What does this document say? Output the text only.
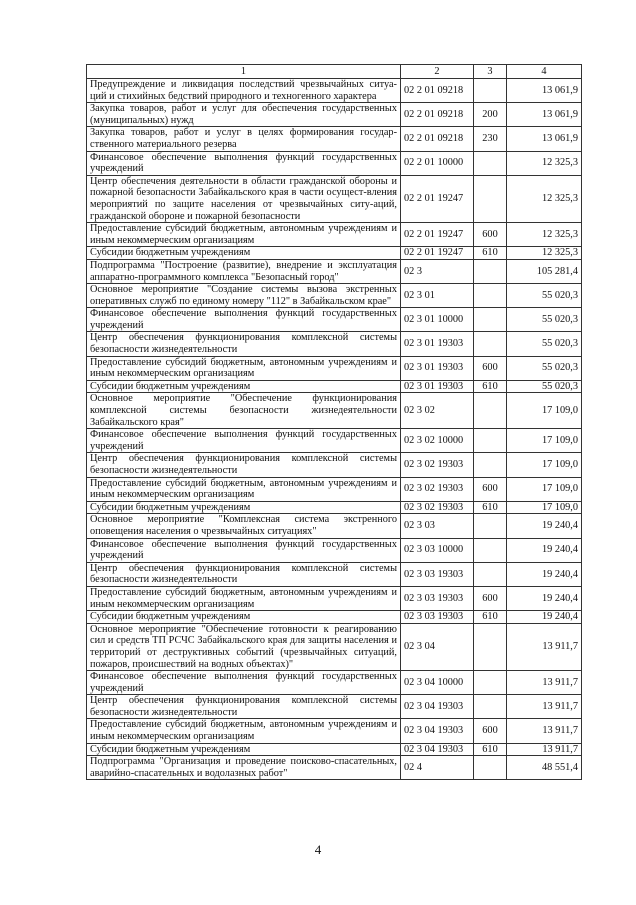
1	2	3	4
Предупреждение и ликвидация последствий чрезвычайных ситуа-ций и стихийных бедствий природного и техногенного характера	02 2 01 09218		13 061,9
Закупка товаров, работ и услуг для обеспечения государственных (муниципальных) нужд	02 2 01 09218	200	13 061,9
Закупка товаров, работ и услуг в целях формирования государ-ственного материального резерва	02 2 01 09218	230	13 061,9
Финансовое обеспечение выполнения функций государственных учреждений	02 2 01 10000		12 325,3
Центр обеспечения деятельности в области гражданской обороны и пожарной безопасности Забайкальского края в части осущест-вления мероприятий по защите населения от чрезвычайных ситу-аций, гражданской обороне и пожарной безопасности	02 2 01 19247		12 325,3
Предоставление субсидий бюджетным, автономным учреждениям и иным некоммерческим организациям	02 2 01 19247	600	12 325,3
Субсидии бюджетным учреждениям	02 2 01 19247	610	12 325,3
Подпрограмма "Построение (развитие), внедрение и эксплуатация аппаратно-программного комплекса "Безопасный город"	02 3		105 281,4
Основное мероприятие "Создание системы вызова экстренных оперативных служб по единому номеру "112" в Забайкальском крае"	02 3 01		55 020,3
Финансовое обеспечение выполнения функций государственных учреждений	02 3 01 10000		55 020,3
Центр обеспечения функционирования комплексной системы безопасности жизнедеятельности	02 3 01 19303		55 020,3
Предоставление субсидий бюджетным, автономным учреждениям и иным некоммерческим организациям	02 3 01 19303	600	55 020,3
Субсидии бюджетным учреждениям	02 3 01 19303	610	55 020,3
Основное мероприятие "Обеспечение функционирования комплексной системы безопасности жизнедеятельности Забайкальского края"	02 3 02		17 109,0
Финансовое обеспечение выполнения функций государственных учреждений	02 3 02 10000		17 109,0
Центр обеспечения функционирования комплексной системы безопасности жизнедеятельности	02 3 02 19303		17 109,0
Предоставление субсидий бюджетным, автономным учреждениям и иным некоммерческим организациям	02 3 02 19303	600	17 109,0
Субсидии бюджетным учреждениям	02 3 02 19303	610	17 109,0
Основное мероприятие "Комплексная система экстренного оповещения населения о чрезвычайных ситуациях"	02 3 03		19 240,4
Финансовое обеспечение выполнения функций государственных учреждений	02 3 03 10000		19 240,4
Центр обеспечения функционирования комплексной системы безопасности жизнедеятельности	02 3 03 19303		19 240,4
Предоставление субсидий бюджетным, автономным учреждениям и иным некоммерческим организациям	02 3 03 19303	600	19 240,4
Субсидии бюджетным учреждениям	02 3 03 19303	610	19 240,4
Основное мероприятие "Обеспечение готовности к реагированию сил и средств ТП РСЧС Забайкальского края для защиты населения и территорий от деструктивных событий (чрезвычайных ситуаций, пожаров, происшествий на водных объектах)"	02 3 04		13 911,7
Финансовое обеспечение выполнения функций государственных учреждений	02 3 04 10000		13 911,7
Центр обеспечения функционирования комплексной системы безопасности жизнедеятельности	02 3 04 19303		13 911,7
Предоставление субсидий бюджетным, автономным учреждениям и иным некоммерческим организациям	02 3 04 19303	600	13 911,7
Субсидии бюджетным учреждениям	02 3 04 19303	610	13 911,7
Подпрограмма "Организация и проведение поисково-спасательных, аварийно-спасательных и водолазных работ"	02 4		48 551,4
4
